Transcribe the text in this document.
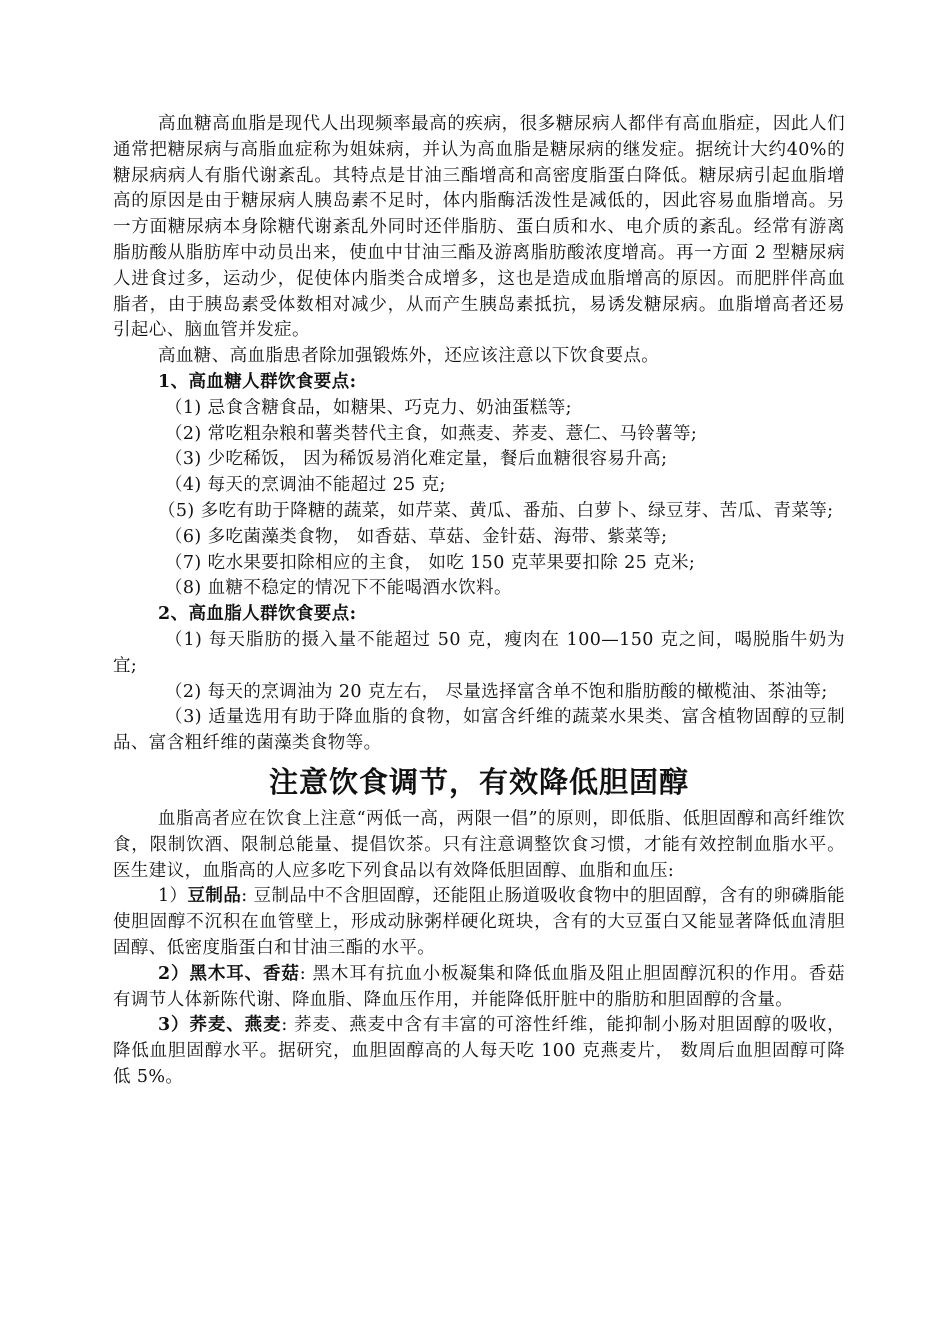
高血糖高血脂是现代人出现频率最高的疾病，很多糖尿病人都伴有高血脂症，因此人们通常把糖尿病与高脂血症称为姐妹病，并认为高血脂是糖尿病的继发症。据统计大约40%的糖尿病病人有脂代谢紊乱。其特点是甘油三酯增高和高密度脂蛋白降低。糖尿病引起血脂增高的原因是由于糖尿病人胰岛素不足时，体内脂酶活泼性是减低的，因此容易血脂增高。另一方面糖尿病本身除糖代谢紊乱外同时还伴脂肪、蛋白质和水、电介质的紊乱。经常有游离脂肪酸从脂肪库中动员出来，使血中甘油三酯及游离脂肪酸浓度增高。再一方面 2 型糖尿病人进食过多，运动少，促使体内脂类合成增多，这也是造成血脂增高的原因。而肥胖伴高血脂者，由于胰岛素受体数相对减少，从而产生胰岛素抵抗，易诱发糖尿病。血脂增高者还易引起心、脑血管并发症。

高血糖、高血脂患者除加强锻炼外，还应该注意以下饮食要点。

1、高血糖人群饮食要点:

（1) 忌食含糖食品，如糖果、巧克力、奶油蛋糕等;

（2) 常吃粗杂粮和薯类替代主食，如燕麦、荞麦、薏仁、马铃薯等;

（3) 少吃稀饭， 因为稀饭易消化难定量，餐后血糖很容易升高;

（4) 每天的烹调油不能超过 25 克;

（5) 多吃有助于降糖的蔬菜，如芹菜、黄瓜、番茄、白萝卜、绿豆芽、苦瓜、青菜等;

（6) 多吃菌藻类食物， 如香菇、草菇、金针菇、海带、紫菜等;

（7) 吃水果要扣除相应的主食， 如吃 150 克苹果要扣除 25 克米;

（8) 血糖不稳定的情况下不能喝酒水饮料。

2、高血脂人群饮食要点:

（1) 每天脂肪的摄入量不能超过 50 克，瘦肉在 100—150 克之间，喝脱脂牛奶为宜;

（2) 每天的烹调油为 20 克左右， 尽量选择富含单不饱和脂肪酸的橄榄油、茶油等;

（3) 适量选用有助于降血脂的食物，如富含纤维的蔬菜水果类、富含植物固醇的豆制品、富含粗纤维的菌藻类食物等。

注意饮食调节，有效降低胆固醇

血脂高者应在饮食上注意“两低一高，两限一倡”的原则，即低脂、低胆固醇和高纤维饮食，限制饮酒、限制总能量、提倡饮茶。只有注意调整饮食习惯，才能有效控制血脂水平。医生建议，血脂高的人应多吃下列食品以有效降低胆固醇、血脂和血压:

1）豆制品: 豆制品中不含胆固醇，还能阻止肠道吸收食物中的胆固醇，含有的卵磷脂能使胆固醇不沉积在血管壁上，形成动脉粥样硬化斑块，含有的大豆蛋白又能显著降低血清胆固醇、低密度脂蛋白和甘油三酯的水平。

2）黑木耳、香菇: 黑木耳有抗血小板凝集和降低血脂及阻止胆固醇沉积的作用。香菇有调节人体新陈代谢、降血脂、降血压作用，并能降低肝脏中的脂肪和胆固醇的含量。

3）荞麦、燕麦: 荞麦、燕麦中含有丰富的可溶性纤维，能抑制小肠对胆固醇的吸收，降低血胆固醇水平。据研究，血胆固醇高的人每天吃 100 克燕麦片， 数周后血胆固醇可降低 5%。
